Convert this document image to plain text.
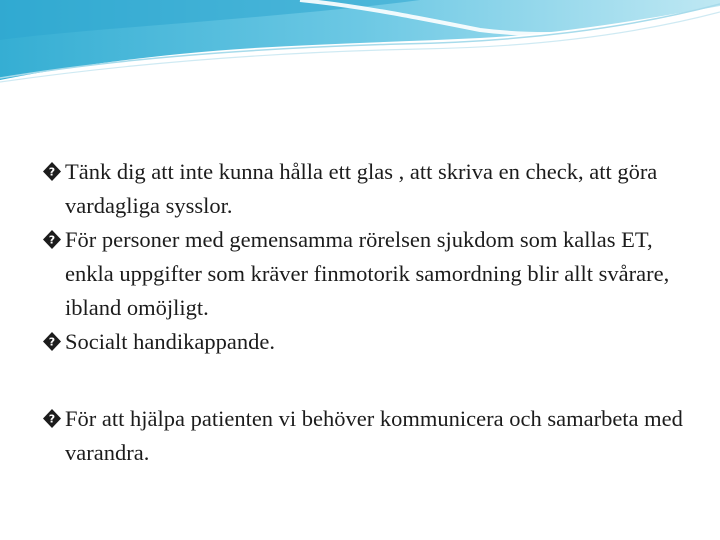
? Tänk dig att inte kunna hålla ett glas , att skriva en check, att göra vardagliga sysslor.
? För personer med gemensamma rörelsen sjukdom som kallas ET, enkla uppgifter som kräver finmotorik samordning blir allt svårare, ibland omöjligt.
? Socialt handikappande.
? För att hjälpa patienten vi behöver kommunicera och samarbeta med varandra.
